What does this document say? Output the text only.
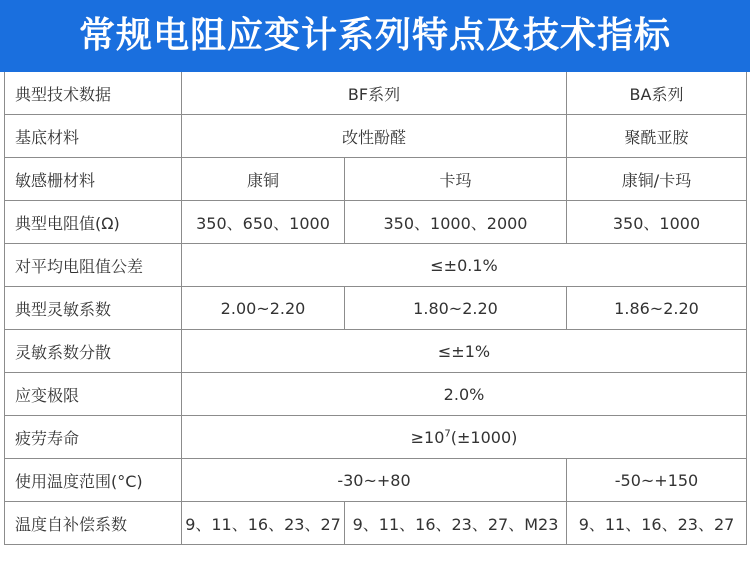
常规电阻应变计系列特点及技术指标
典型技术数据	BF系列		BA系列
基底材料	改性酚醛		聚酰亚胺
敏感栅材料	康铜	卡玛	康铜/卡玛
典型电阻值(Ω)	350、650、1000	350、1000、2000	350、1000
对平均电阻值公差	≤±0.1%		
典型灵敏系数	2.00~2.20	1.80~2.20	1.86~2.20
灵敏系数分散	≤±1%		
应变极限	2.0%		
疲劳寿命	$\ge 10^7(\pm 1000)$		
使用温度范围(°C)	-30~+80		-50~+150
温度自补偿系数	9、11、16、23、27	9、11、16、23、27、M23	9、11、16、23、27
